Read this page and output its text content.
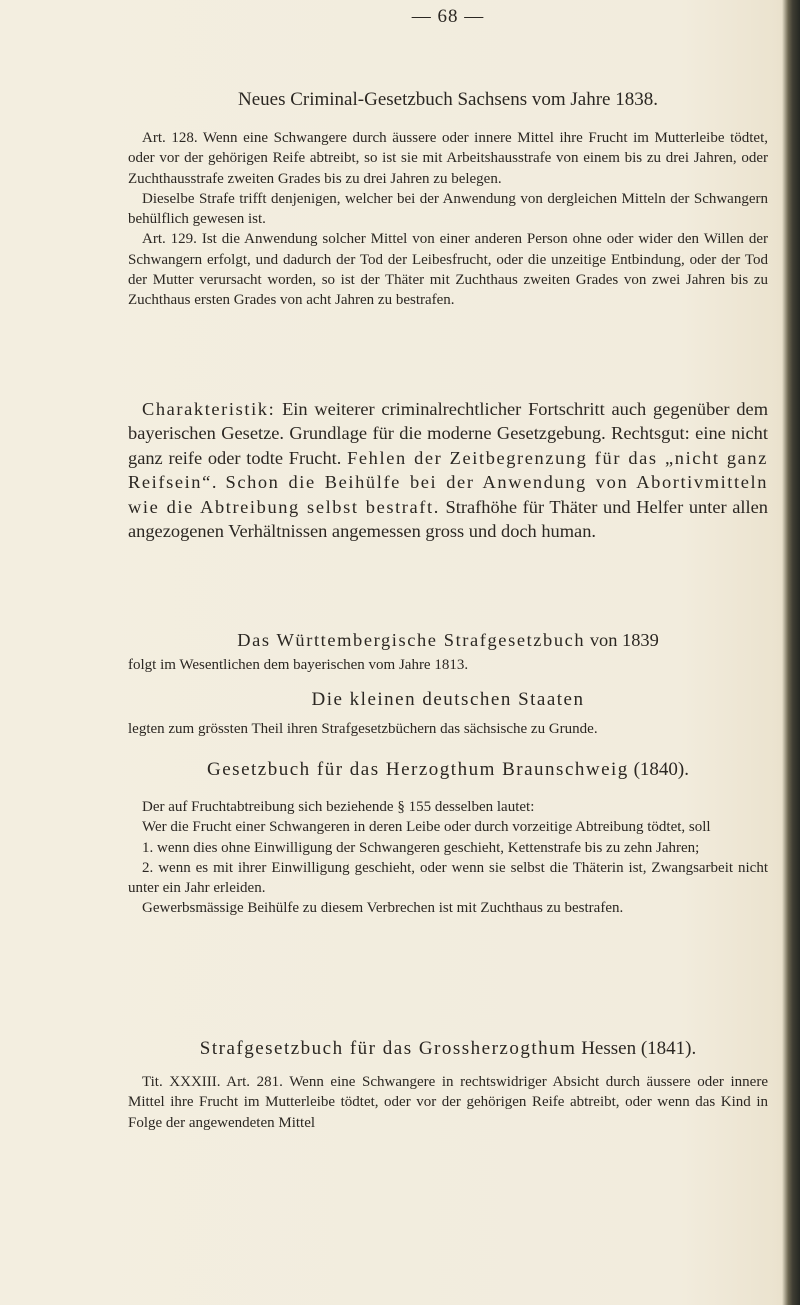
— 68 —
Neues Criminal-Gesetzbuch Sachsens vom Jahre 1838.

Art. 128. Wenn eine Schwangere durch äussere oder innere Mittel ihre Frucht im Mutterleibe tödtet, oder vor der gehörigen Reife abtreibt, so ist sie mit Arbeitshausstrafe von einem bis zu drei Jahren, oder Zuchthausstrafe zweiten Grades bis zu drei Jahren zu belegen.

Dieselbe Strafe trifft denjenigen, welcher bei der Anwendung von dergleichen Mitteln der Schwangern behülflich gewesen ist.

Art. 129. Ist die Anwendung solcher Mittel von einer anderen Person ohne oder wider den Willen der Schwangern erfolgt, und dadurch der Tod der Leibesfrucht, oder die unzeitige Entbindung, oder der Tod der Mutter verursacht worden, so ist der Thäter mit Zuchthaus zweiten Grades von zwei Jahren bis zu Zuchthaus ersten Grades von acht Jahren zu bestrafen.

Charakteristik: Ein weiterer criminalrechtlicher Fortschritt auch gegenüber dem bayerischen Gesetze. Grundlage für die moderne Gesetzgebung. Rechtsgut: eine nicht ganz reife oder todte Frucht. Fehlen der Zeitbegrenzung für das „nicht ganz Reifsein“. Schon die Beihülfe bei der Anwendung von Abortivmitteln wie die Abtreibung selbst bestraft. Strafhöhe für Thäter und Helfer unter allen angezogenen Verhältnissen angemessen gross und doch human.

Das Württembergische Strafgesetzbuch von 1839
folgt im Wesentlichen dem bayerischen vom Jahre 1813.
Die kleinen deutschen Staaten
legten zum grössten Theil ihren Strafgesetzbüchern das sächsische zu Grunde.
Gesetzbuch für das Herzogthum Braunschweig (1840).

Der auf Fruchtabtreibung sich beziehende § 155 desselben lautet:

Wer die Frucht einer Schwangeren in deren Leibe oder durch vorzeitige Abtreibung tödtet, soll

1. wenn dies ohne Einwilligung der Schwangeren geschieht, Kettenstrafe bis zu zehn Jahren;

2. wenn es mit ihrer Einwilligung geschieht, oder wenn sie selbst die Thäterin ist, Zwangsarbeit nicht unter ein Jahr erleiden.

Gewerbsmässige Beihülfe zu diesem Verbrechen ist mit Zuchthaus zu bestrafen.

Strafgesetzbuch für das Grossherzogthum Hessen (1841).

Tit. XXXIII. Art. 281. Wenn eine Schwangere in rechtswidriger Absicht durch äussere oder innere Mittel ihre Frucht im Mutterleibe tödtet, oder vor der gehörigen Reife abtreibt, oder wenn das Kind in Folge der angewendeten Mittel
